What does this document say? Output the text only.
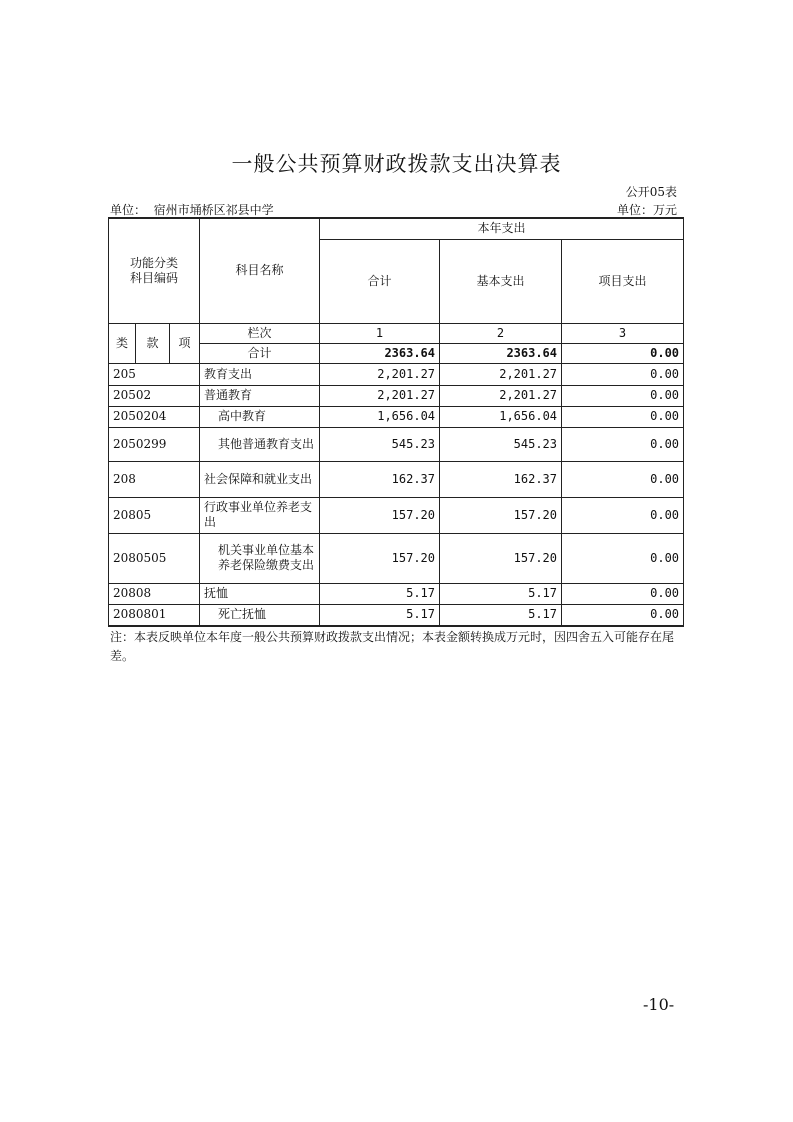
一般公共预算财政拨款支出决算表
公开05表
单位： 宿州市埇桥区祁县中学	单位：万元
功能分类
科目编码			科目名称	本年支出		
				合计	基本支出	项目支出
类	款	项	栏次	1	2	3
			合计	2363.64	2363.64	0.00
205			教育支出	2,201.27	2,201.27	0.00
20502			普通教育	2,201.27	2,201.27	0.00
2050204			高中教育	1,656.04	1,656.04	0.00
2050299			其他普通教育支出	545.23	545.23	0.00
208			社会保障和就业支出	162.37	162.37	0.00
20805			行政事业单位养老支出	157.20	157.20	0.00
2080505			机关事业单位基本养老保险缴费支出	157.20	157.20	0.00
20808			抚恤	5.17	5.17	0.00
2080801			死亡抚恤	5.17	5.17	0.00
注：本表反映单位本年度一般公共预算财政拨款支出情况；本表金额转换成万元时，因四舍五入可能存在尾差。
-10-
